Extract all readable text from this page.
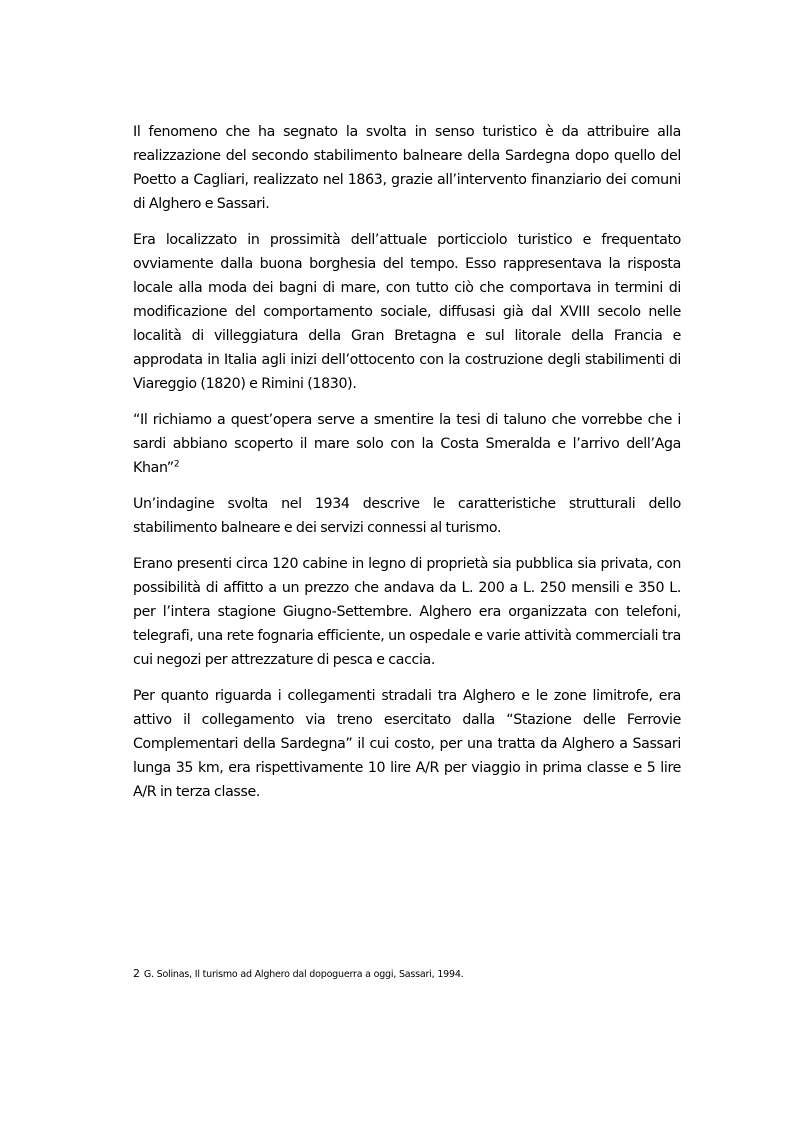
Il fenomeno che ha segnato la svolta in senso turistico è da attribuire alla realizzazione del secondo stabilimento balneare della Sardegna dopo quello del Poetto a Cagliari, realizzato nel 1863, grazie all’intervento finanziario dei comuni di Alghero e Sassari.

Era localizzato in prossimità dell’attuale porticciolo turistico e frequentato ovviamente dalla buona borghesia del tempo. Esso rappresentava la risposta locale alla moda dei bagni di mare, con tutto ciò che comportava in termini di modificazione del comportamento sociale, diffusasi già dal XVIII secolo nelle località di villeggiatura della Gran Bretagna e sul litorale della Francia e approdata in Italia agli inizi dell’ottocento con la costruzione degli stabilimenti di Viareggio (1820) e Rimini (1830).

“Il richiamo a quest’opera serve a smentire la tesi di taluno che vorrebbe che i sardi abbiano scoperto il mare solo con la Costa Smeralda e l’arrivo dell’Aga Khan”$^2$

Un’indagine svolta nel 1934 descrive le caratteristiche strutturali dello stabilimento balneare e dei servizi connessi al turismo.

Erano presenti circa 120 cabine in legno di proprietà sia pubblica sia privata, con possibilità di affitto a un prezzo che andava da L. 200 a L. 250 mensili e 350 L. per l’intera stagione Giugno-Settembre. Alghero era organizzata con telefoni, telegrafi, una rete fognaria efficiente, un ospedale e varie attività commerciali tra cui negozi per attrezzature di pesca e caccia.

Per quanto riguarda i collegamenti stradali tra Alghero e le zone limitrofe, era attivo il collegamento via treno esercitato dalla “Stazione delle Ferrovie Complementari della Sardegna” il cui costo, per una tratta da Alghero a Sassari lunga 35 km, era rispettivamente 10 lire A/R per viaggio in prima classe e 5 lire A/R in terza classe.

2 G. Solinas, Il turismo ad Alghero dal dopoguerra a oggi, Sassari, 1994.
